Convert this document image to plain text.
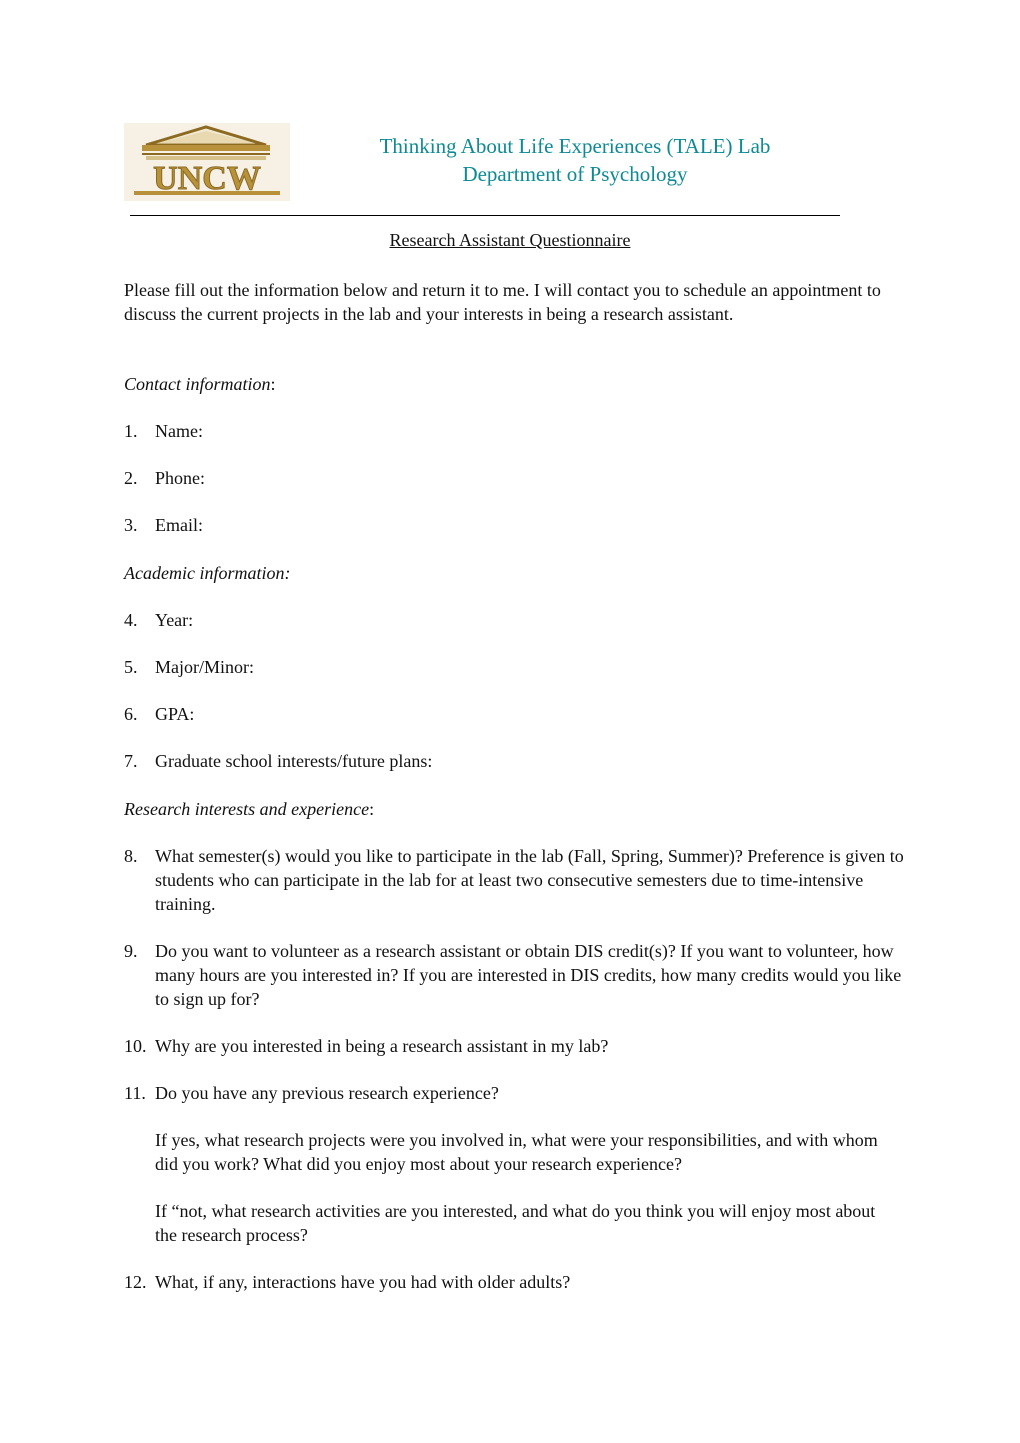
UNCW
Thinking About Life Experiences (TALE) Lab
Department of Psychology
Research Assistant Questionnaire
Please fill out the information below and return it to me. I will contact you to schedule an appointment to discuss the current projects in the lab and your interests in being a research assistant.
Contact information:
1. Name:
2. Phone:
3. Email:
Academic information:
4. Year:
5. Major/Minor:
6. GPA:
7. Graduate school interests/future plans:
Research interests and experience:
8. What semester(s) would you like to participate in the lab (Fall, Spring, Summer)? Preference is given to students who can participate in the lab for at least two consecutive semesters due to time-intensive training.
9. Do you want to volunteer as a research assistant or obtain DIS credit(s)? If you want to volunteer, how many hours are you interested in? If you are interested in DIS credits, how many credits would you like to sign up for?
10. Why are you interested in being a research assistant in my lab?
11. Do you have any previous research experience?
If yes, what research projects were you involved in, what were your responsibilities, and with whom did you work? What did you enjoy most about your research experience?
If “not, what research activities are you interested, and what do you think you will enjoy most about the research process?
12. What, if any, interactions have you had with older adults?
